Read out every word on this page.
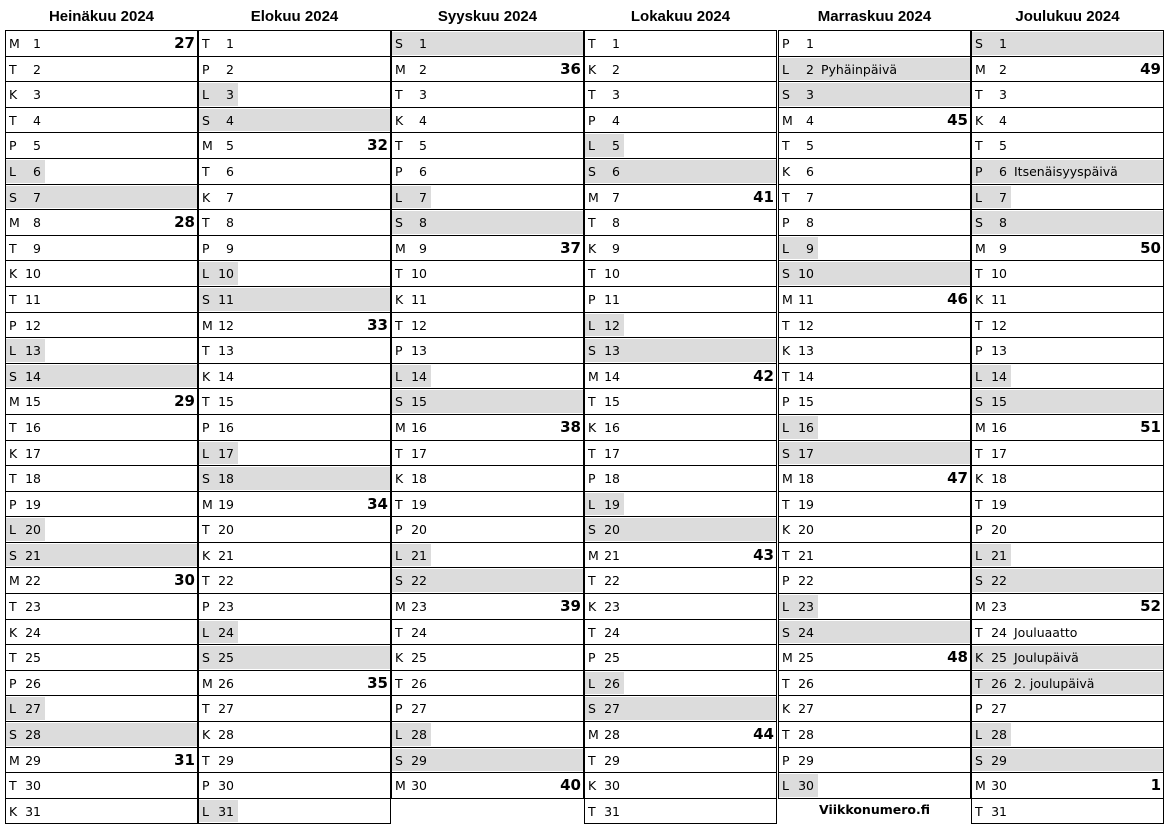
Heinäkuu 2024
M	1	27
T	2
K	3
T	4
P	5
L	6
S	7
M	8	28
T	9
K 10
T 11
P 12
L 13
S 14
M 15	29
T 16
K 17
T 18
P 19
L 20
S 21
M 22	30
T 23
K 24
T 25
P 26
L 27
S 28
M 29	31
T 30
K 31
Elokuu 2024
T	1
P	2
L	3
S	4
M	5	32
T	6
K	7
T	8
P	9
L 10
S 11
M 12	33
T 13
K 14
T 15
P 16
L 17
S 18
M 19	34
T 20
K 21
T 22
P 23
L 24
S 25
M 26	35
T 27
K 28
T 29
P 30
L 31
Syyskuu 2024
S	1
M	2	36
T	3
K	4
T	5
P	6
L	7
S	8
M	9	37
T 10
K 11
T 12
P 13
L 14
S 15
M 16	38
T 17
K 18
T 19
P 20
L 21
S 22
M 23	39
T 24
K 25
T 26
P 27
L 28
S 29
M 30	40
Lokakuu 2024
T	1
K	2
T	3
P	4
L	5
S	6
M	7	41
T	8
K	9
T 10
P 11
L 12
S 13
M 14	42
T 15
K 16
T 17
P 18
L 19
S 20
M 21	43
T 22
K 23
T 24
P 25
L 26
S 27
M 28	44
T 29
K 30
T 31
Marraskuu 2024
P	1
L	2 Pyhäinpäivä
S	3
M	4	45
T	5
K	6
T	7
P	8
L	9
S 10
M 11	46
T 12
K 13
T 14
P 15
L 16
S 17
M 18	47
T 19
K 20
T 21
P 22
L 23
S 24
M 25	48
T 26
K 27
T 28
P 29
L 30
Joulukuu 2024
S	1
M	2	49
T	3
K	4
T	5
P	6 Itsenäisyyspäivä
L	7
S	8
M	9	50
T 10
K 11
T 12
P 13
L 14
S 15
M 16	51
T 17
K 18
T 19
P 20
L 21
S 22
M 23	52
T 24 Jouluaatto
K 25 Joulupäivä
T 26 2. joulupäivä
P 27
L 28
S 29
M 30	1
T 31
Viikkonumero.fi
